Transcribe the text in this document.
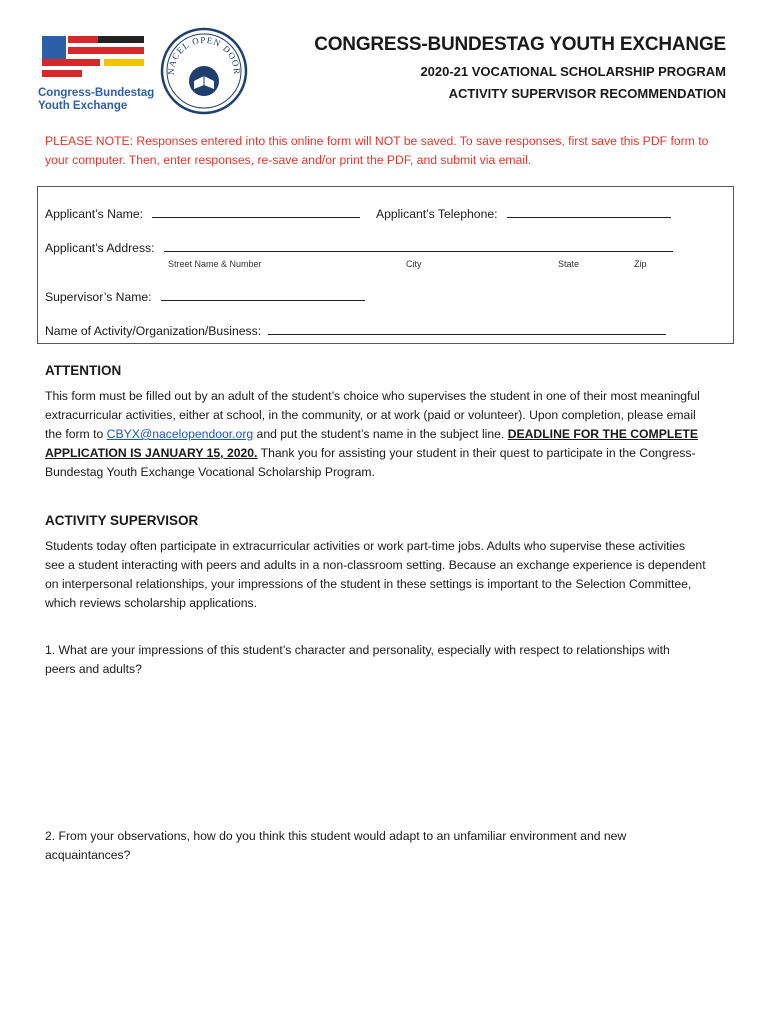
Congress-Bundestag
Youth Exchange
NACEL OPEN DOOR
CONGRESS-BUNDESTAG YOUTH EXCHANGE
2020-21 VOCATIONAL SCHOLARSHIP PROGRAM
ACTIVITY SUPERVISOR RECOMMENDATION
PLEASE NOTE: Responses entered into this online form will NOT be saved. To save responses, first save this PDF form to
your computer. Then, enter responses, re-save and/or print the PDF, and submit via email.
Applicant’s Name:	Applicant’s Telephone:
Applicant’s Address:
Street Name & Number	City	State	Zip
Supervisor’s Name:
Name of Activity/Organization/Business:
ATTENTION
This form must be filled out by an adult of the student’s choice who supervises the student in one of their most meaningful
extracurricular activities, either at school, in the community, or at work (paid or volunteer). Upon completion, please email
the form to CBYX@nacelopendoor.org and put the student’s name in the subject line. DEADLINE FOR THE COMPLETE
APPLICATION IS JANUARY 15, 2020. Thank you for assisting your student in their quest to participate in the Congress-
Bundestag Youth Exchange Vocational Scholarship Program.
ACTIVITY SUPERVISOR
Students today often participate in extracurricular activities or work part-time jobs. Adults who supervise these activities
see a student interacting with peers and adults in a non-classroom setting. Because an exchange experience is dependent
on interpersonal relationships, your impressions of the student in these settings is important to the Selection Committee,
which reviews scholarship applications.
1. What are your impressions of this student’s character and personality, especially with respect to relationships with
peers and adults?
2. From your observations, how do you think this student would adapt to an unfamiliar environment and new
acquaintances?
